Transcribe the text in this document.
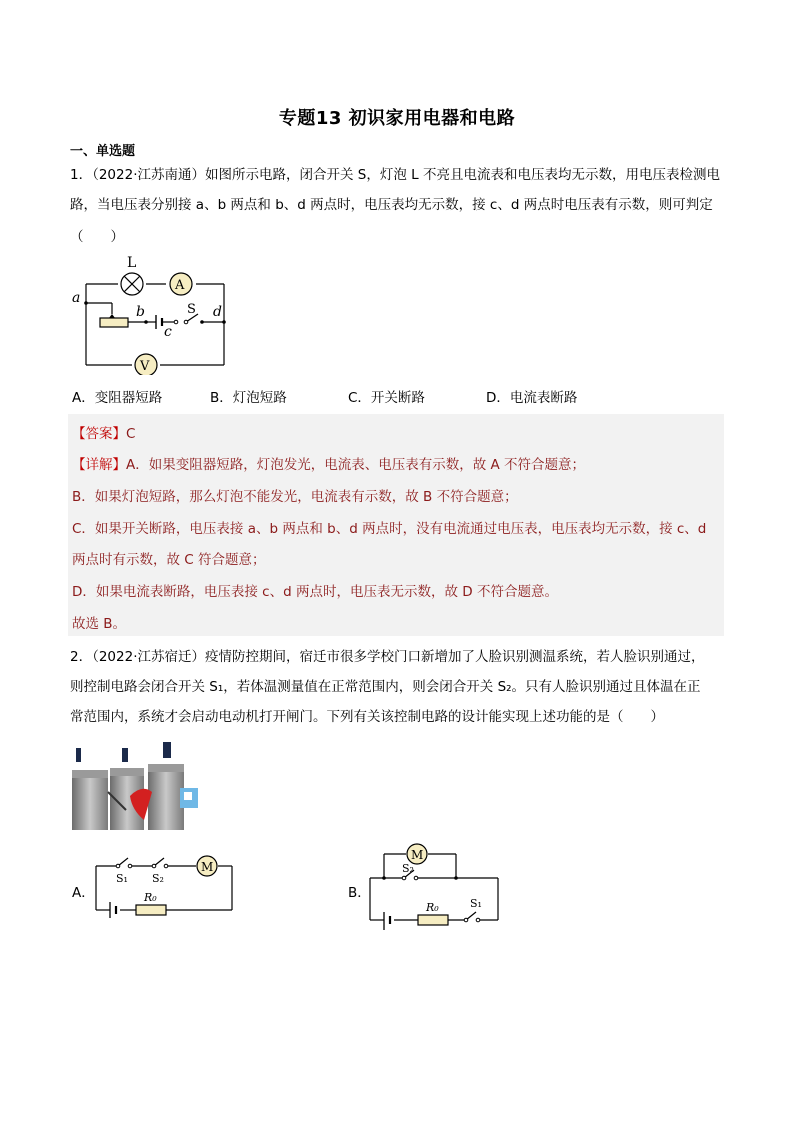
专题13 初识家用电器和电路
一、单选题
1．（2022·江苏南通）如图所示电路，闭合开关 S，灯泡 L 不亮且电流表和电压表均无示数，用电压表检测电
路，当电压表分别接 a、b 两点和 b、d 两点时，电压表均无示数，接 c、d 两点时电压表有示数，则可判定
（　　）
L
A
S
a
b
c
d
V
A．变阻器短路	B．灯泡短路	C．开关断路	D．电流表断路
【答案】C
【详解】A．如果变阻器短路，灯泡发光，电流表、电压表有示数，故 A 不符合题意；
B．如果灯泡短路，那么灯泡不能发光，电流表有示数，故 B 不符合题意；
C．如果开关断路，电压表接 a、b 两点和 b、d 两点时，没有电流通过电压表，电压表均无示数，接 c、d
两点时有示数，故 C 符合题意；
D．如果电流表断路，电压表接 c、d 两点时，电压表无示数，故 D 不符合题意。
故选 B。
2．（2022·江苏宿迁）疫情防控期间，宿迁市很多学校门口新增加了人脸识别测温系统，若人脸识别通过，
则控制电路会闭合开关 S₁，若体温测量值在正常范围内，则会闭合开关 S₂。只有人脸识别通过且体温在正
常范围内，系统才会启动电动机打开闸门。下列有关该控制电路的设计能实现上述功能的是（　　）
A．
M
S₁ S₂
R₀	B．
M
S₂
R₀	S₁
